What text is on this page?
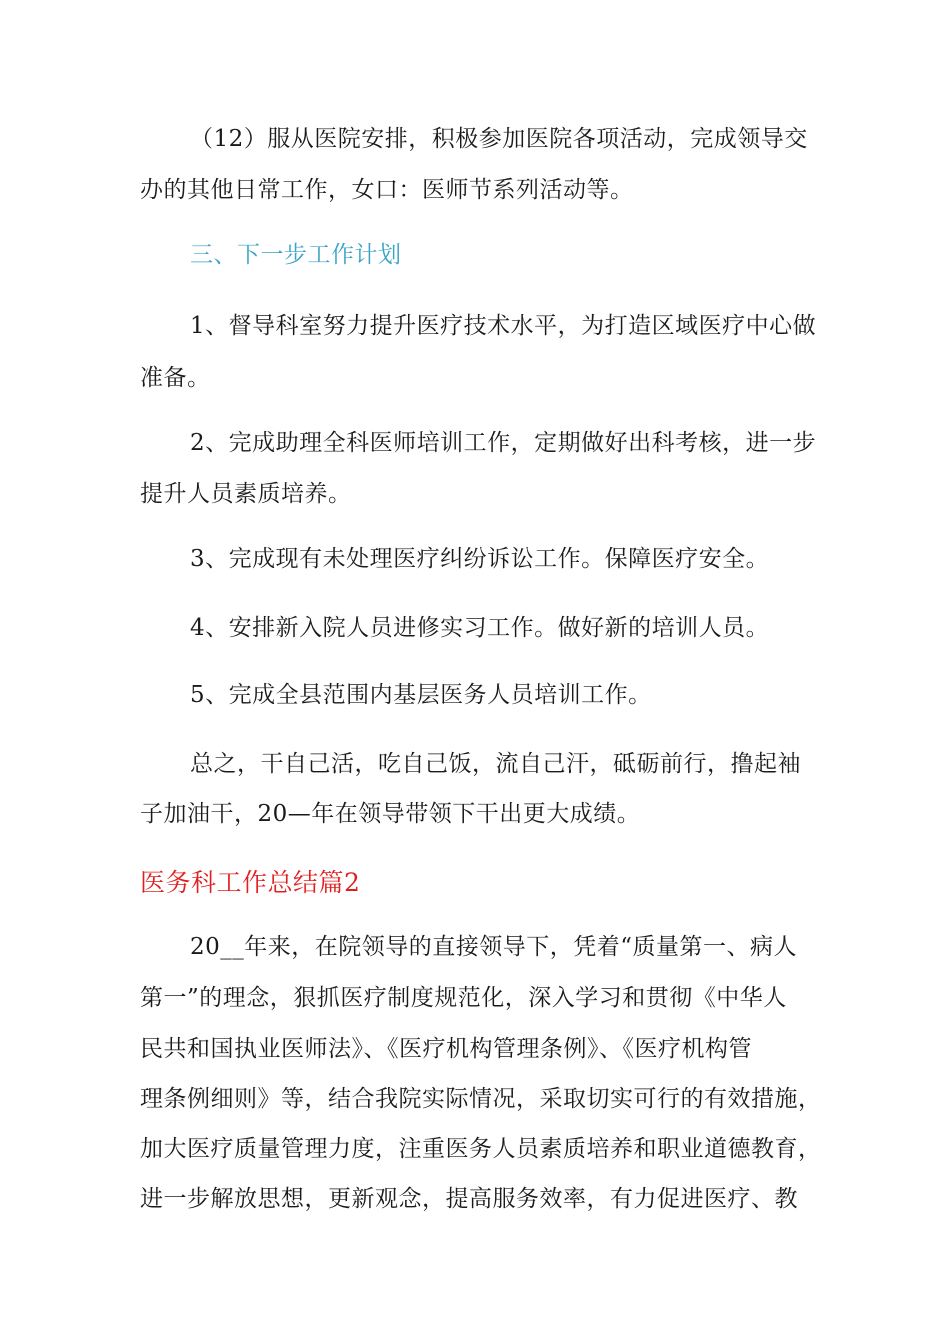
（12）服从医院安排，积极参加医院各项活动，完成领导交
办的其他日常工作，女口：医师节系列活动等。
三、下一步工作计划
1、督导科室努力提升医疗技术水平，为打造区域医疗中心做
准备。
2、完成助理全科医师培训工作，定期做好出科考核，进一步
提升人员素质培养。
3、完成现有未处理医疗纠纷诉讼工作。保障医疗安全。
4、安排新入院人员进修实习工作。做好新的培训人员。
5、完成全县范围内基层医务人员培训工作。
总之，干自己活，吃自己饭，流自己汗，砥砺前行，撸起袖
子加油干，20—年在领导带领下干出更大成绩。
医务科工作总结篇2
20__年来，在院领导的直接领导下，凭着“质量第一、病人
第一”的理念，狠抓医疗制度规范化，深入学习和贯彻《中华人
民共和国执业医师法》、《医疗机构管理条例》、《医疗机构管
理条例细则》等，结合我院实际情况，采取切实可行的有效措施，
加大医疗质量管理力度，注重医务人员素质培养和职业道德教育，
进一步解放思想，更新观念，提高服务效率，有力促进医疗、教
